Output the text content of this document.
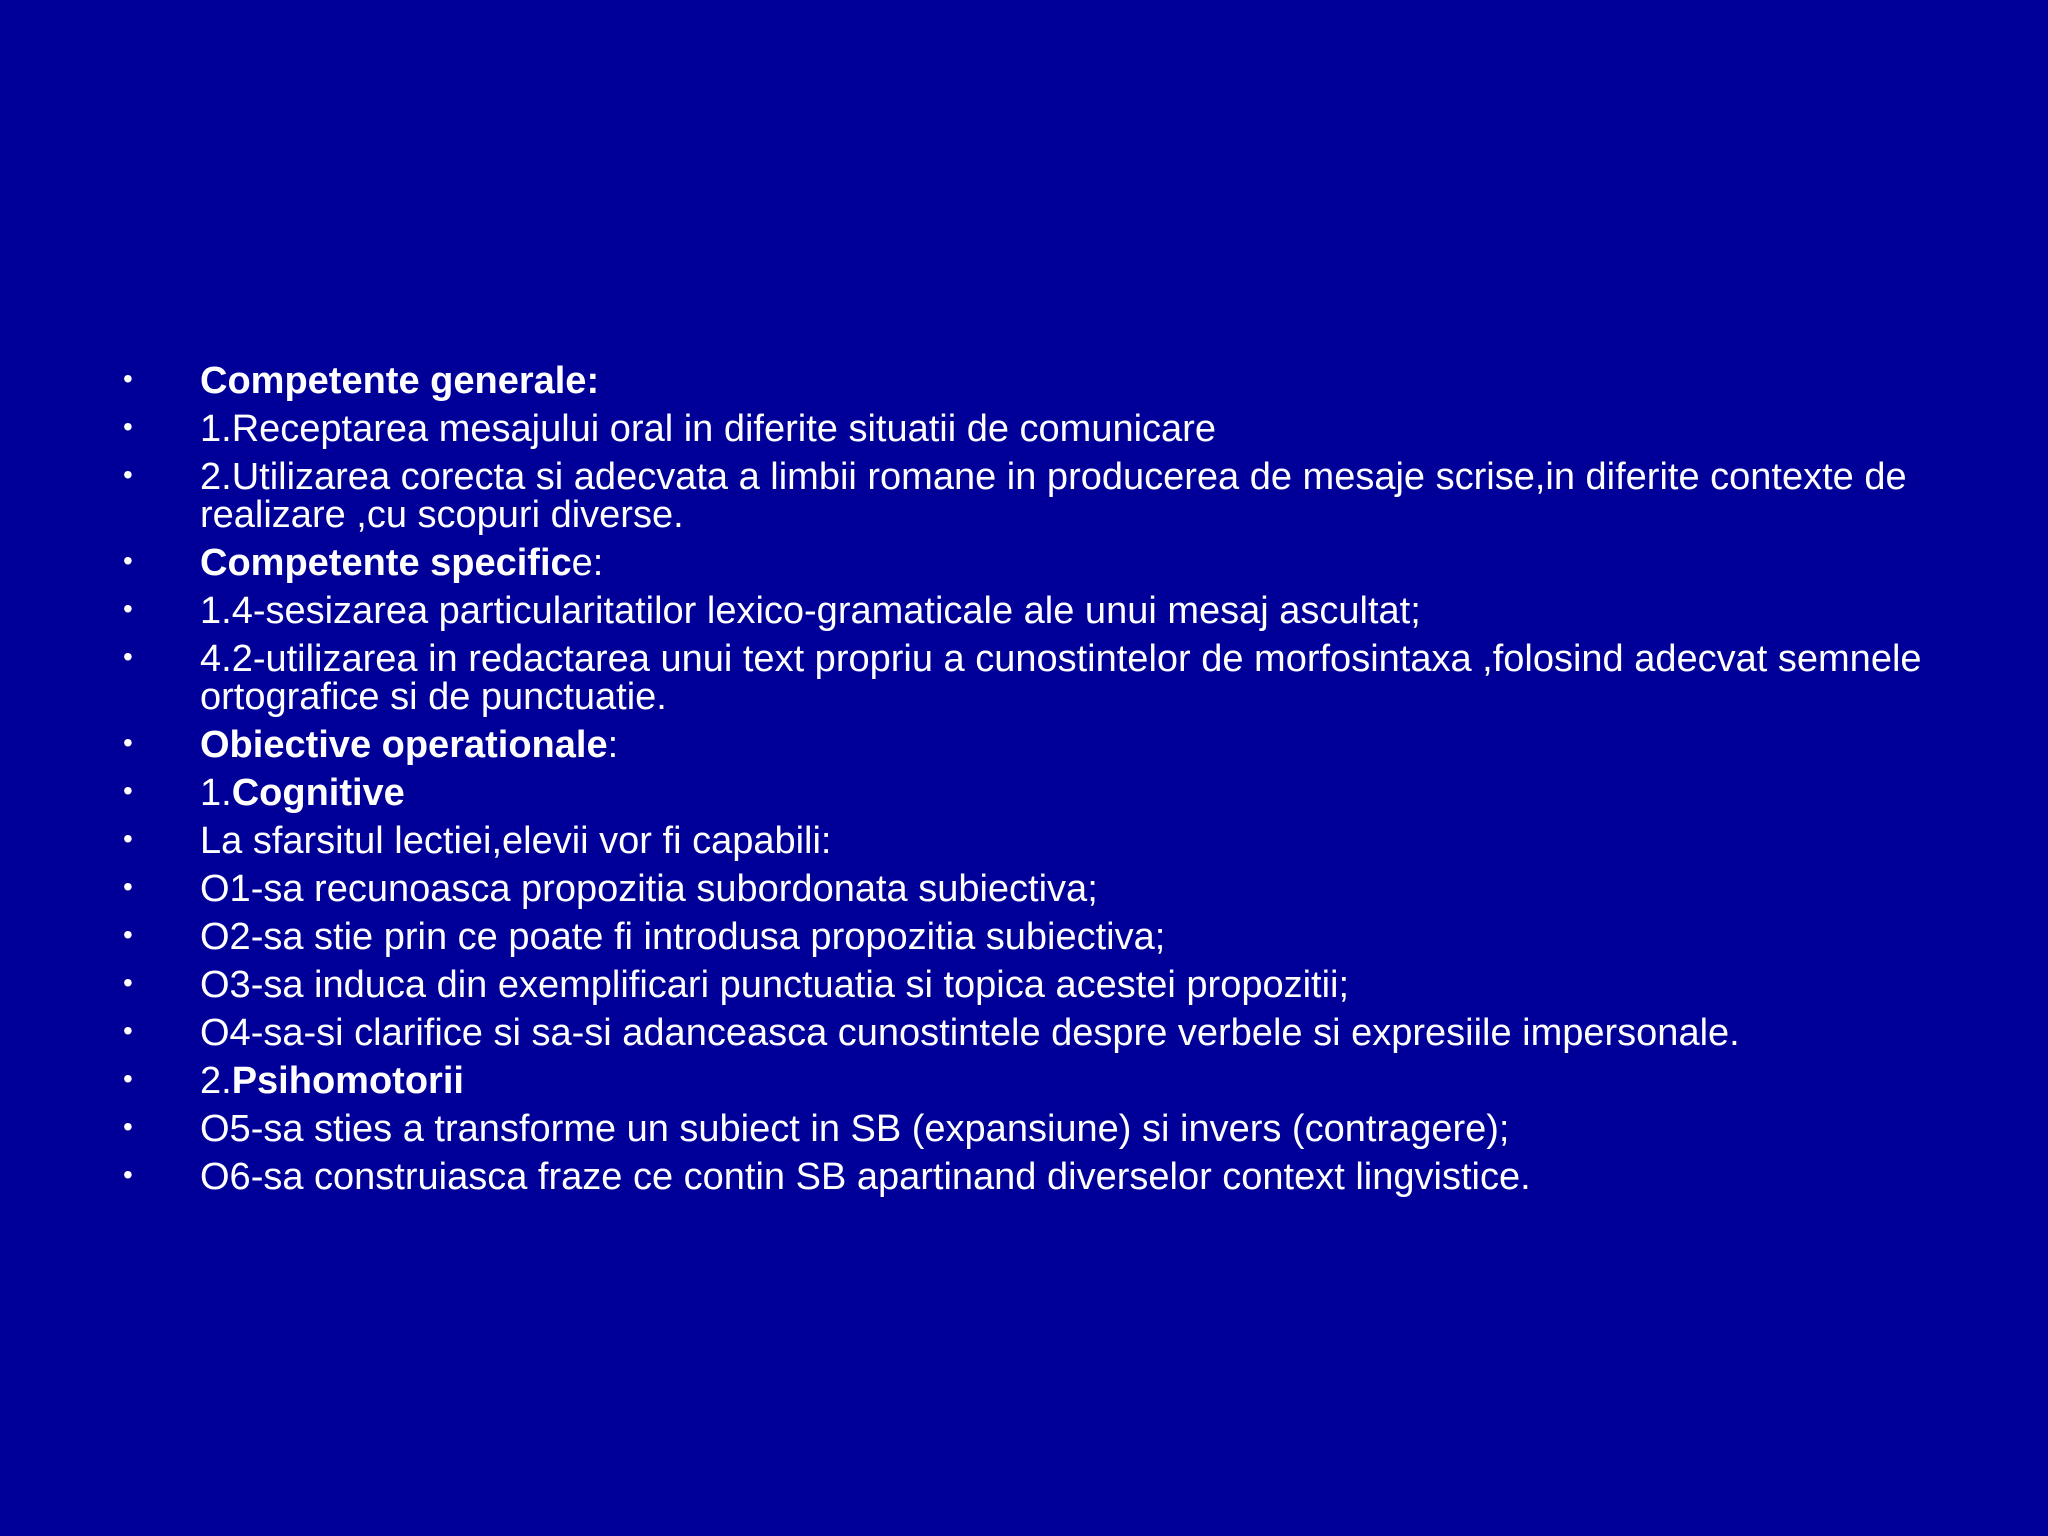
• Competente generale:
• 1.Receptarea mesajului oral in diferite situatii de comunicare
• 2.Utilizarea corecta si adecvata a limbii romane in producerea de mesaje scrise,in diferite contexte de realizare ,cu scopuri diverse.
• Competente specifice:
• 1.4-sesizarea particularitatilor lexico-gramaticale ale unui mesaj ascultat;
• 4.2-utilizarea in redactarea unui text propriu a cunostintelor de morfosintaxa ,folosind adecvat semnele ortografice si de punctuatie.
• Obiective operationale:
• 1.Cognitive
• La sfarsitul lectiei,elevii vor fi capabili:
• O1-sa recunoasca propozitia subordonata subiectiva;
• O2-sa stie prin ce poate fi introdusa propozitia subiectiva;
• O3-sa induca din exemplificari punctuatia si topica acestei propozitii;
• O4-sa-si clarifice si sa-si adanceasca cunostintele despre verbele si expresiile impersonale.
• 2.Psihomotorii
• O5-sa sties a transforme un subiect in SB (expansiune) si invers (contragere);
• O6-sa construiasca fraze ce contin SB apartinand diverselor context lingvistice.
